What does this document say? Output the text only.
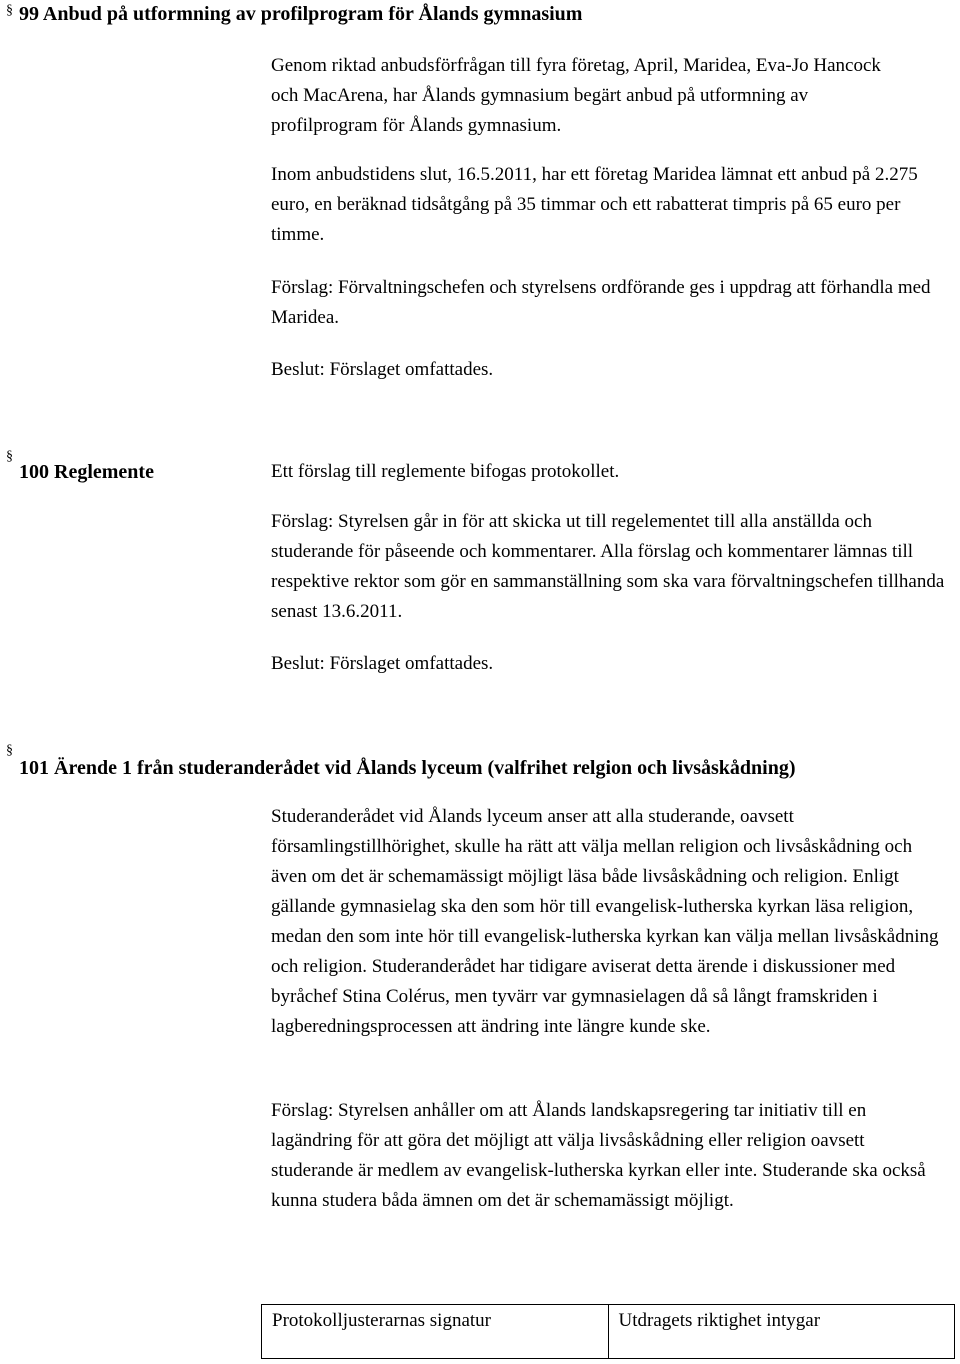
§ 99 Anbud på utformning av profilprogram för Ålands gymnasium
Genom riktad anbudsförfrågan till fyra företag, April, Maridea, Eva-Jo Hancock och MacArena, har Ålands gymnasium begärt anbud på utformning av profilprogram för Ålands gymnasium.
Inom anbudstidens slut, 16.5.2011, har ett företag Maridea lämnat ett anbud på 2.275 euro, en beräknad tidsåtgång på 35 timmar och ett rabatterat timpris på 65 euro per timme.
Förslag: Förvaltningschefen och styrelsens ordförande ges i uppdrag att förhandla med Maridea.
Beslut: Förslaget omfattades.
§
100 Reglemente	Ett förslag till reglemente bifogas protokollet.
Förslag: Styrelsen går in för att skicka ut till regelementet till alla anställda och studerande för påseende och kommentarer. Alla förslag och kommentarer lämnas till respektive rektor som gör en sammanställning som ska vara förvaltningschefen tillhanda senast 13.6.2011.
Beslut: Förslaget omfattades.
§
101 Ärende 1 från studeranderådet vid Ålands lyceum (valfrihet relgion och livsåskådning)
Studeranderådet vid Ålands lyceum anser att alla studerande, oavsett församlingstillhörighet, skulle ha rätt att välja mellan religion och livsåskådning och även om det är schemamässigt möjligt läsa både livsåskådning och religion. Enligt gällande gymnasielag ska den som hör till evangelisk-lutherska kyrkan läsa religion, medan den som inte hör till evangelisk-lutherska kyrkan kan välja mellan livsåskådning och religion. Studeranderådet har tidigare aviserat detta ärende i diskussioner med byråchef Stina Colérus, men tyvärr var gymnasielagen då så långt framskriden i lagberedningsprocessen att ändring inte längre kunde ske.
Förslag: Styrelsen anhåller om att Ålands landskapsregering tar initiativ till en lagändring för att göra det möjligt att välja livsåskådning eller religion oavsett studerande är medlem av evangelisk-lutherska kyrkan eller inte. Studerande ska också kunna studera båda ämnen om det är schemamässigt möjligt.
Protokolljusterarnas signatur	Utdragets riktighet intygar
